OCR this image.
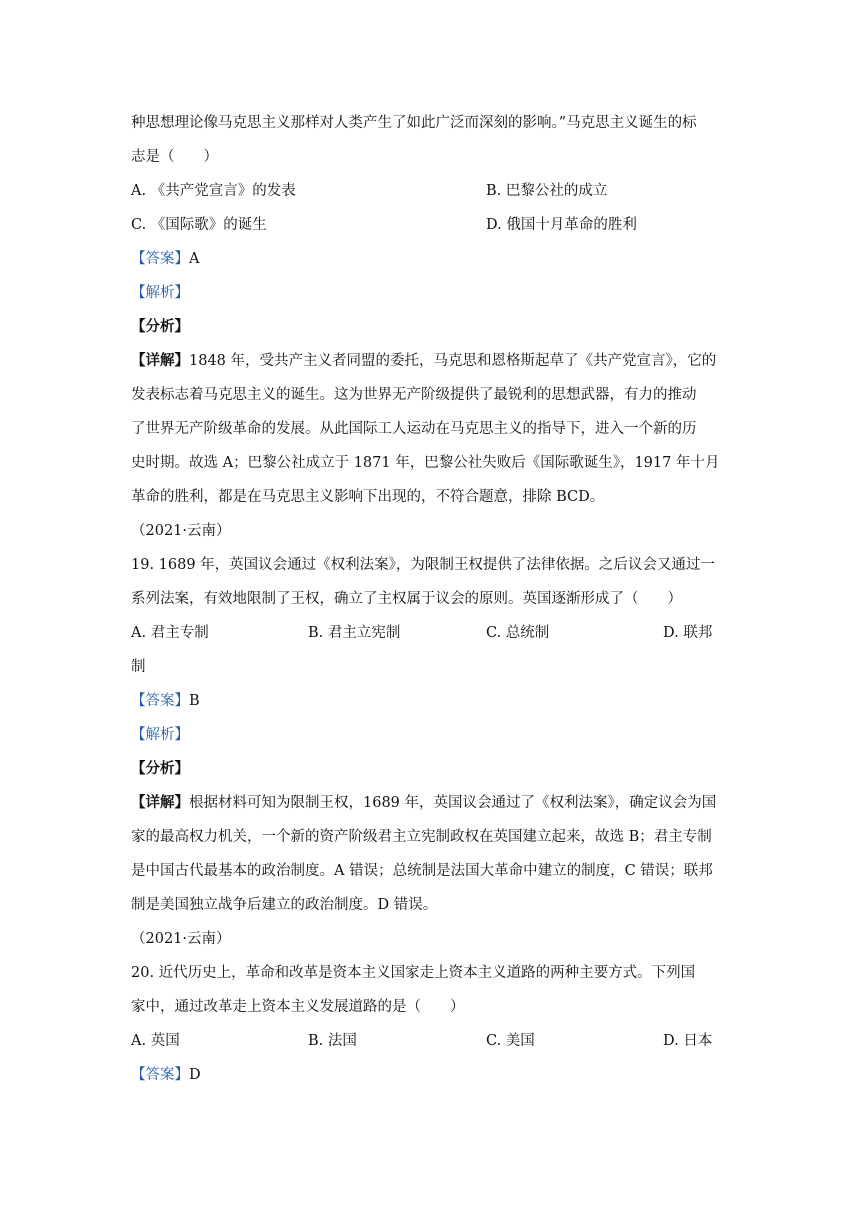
种思想理论像马克思主义那样对人类产生了如此广泛而深刻的影响。”马克思主义诞生的标
志是（　　）
A. 《共产党宣言》的发表	B. 巴黎公社的成立
C. 《国际歌》的诞生	D. 俄国十月革命的胜利
【答案】A
【解析】
【分析】
【详解】1848 年，受共产主义者同盟的委托，马克思和恩格斯起草了《共产党宣言》，它的
发表标志着马克思主义的诞生。这为世界无产阶级提供了最锐利的思想武器，有力的推动
了世界无产阶级革命的发展。从此国际工人运动在马克思主义的指导下，进入一个新的历
史时期。故选 A；巴黎公社成立于 1871 年，巴黎公社失败后《国际歌诞生》，1917 年十月
革命的胜利，都是在马克思主义影响下出现的，不符合题意，排除 BCD。
（2021·云南）
19. 1689 年，英国议会通过《权利法案》，为限制王权提供了法律依据。之后议会又通过一
系列法案，有效地限制了王权，确立了主权属于议会的原则。英国逐渐形成了（　　）
A. 君主专制	B. 君主立宪制	C. 总统制	D. 联邦
制
【答案】B
【解析】
【分析】
【详解】根据材料可知为限制王权，1689 年，英国议会通过了《权利法案》，确定议会为国
家的最高权力机关，一个新的资产阶级君主立宪制政权在英国建立起来，故选 B；君主专制
是中国古代最基本的政治制度。A 错误；总统制是法国大革命中建立的制度，C 错误；联邦
制是美国独立战争后建立的政治制度。D 错误。
（2021·云南）
20. 近代历史上，革命和改革是资本主义国家走上资本主义道路的两种主要方式。下列国
家中，通过改革走上资本主义发展道路的是（　　）
A. 英国	B. 法国	C. 美国	D. 日本
【答案】D
